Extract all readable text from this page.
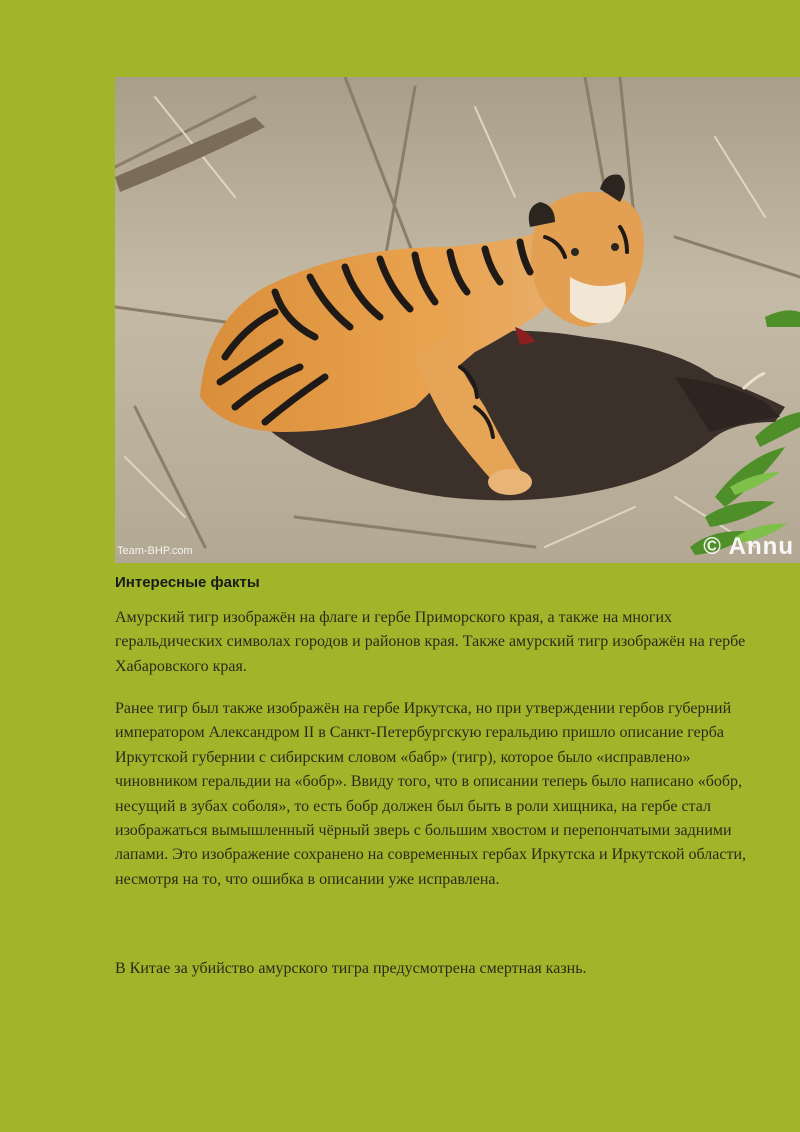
Team-BHP.com	© Annu
Интересные факты

Амурский тигр изображён на флаге и гербе Приморского края, а также на многих геральдических символах городов и районов края. Также амурский тигр изображён на гербе Хабаровского края.

Ранее тигр был также изображён на гербе Иркутска, но при утверждении гербов губерний императором Александром II в Санкт-Петербургскую геральдию пришло описание герба Иркутской губернии с сибирским словом «бабр» (тигр), которое было «исправлено» чиновником геральдии на «бобр». Ввиду того, что в описании теперь было написано «бобр, несущий в зубах соболя», то есть бобр должен был быть в роли хищника, на гербе стал изображаться вымышленный чёрный зверь с большим хвостом и перепончатыми задними лапами. Это изображение сохранено на современных гербах Иркутска и Иркутской области, несмотря на то, что ошибка в описании уже исправлена.

В Китае за убийство амурского тигра предусмотрена смертная казнь.
